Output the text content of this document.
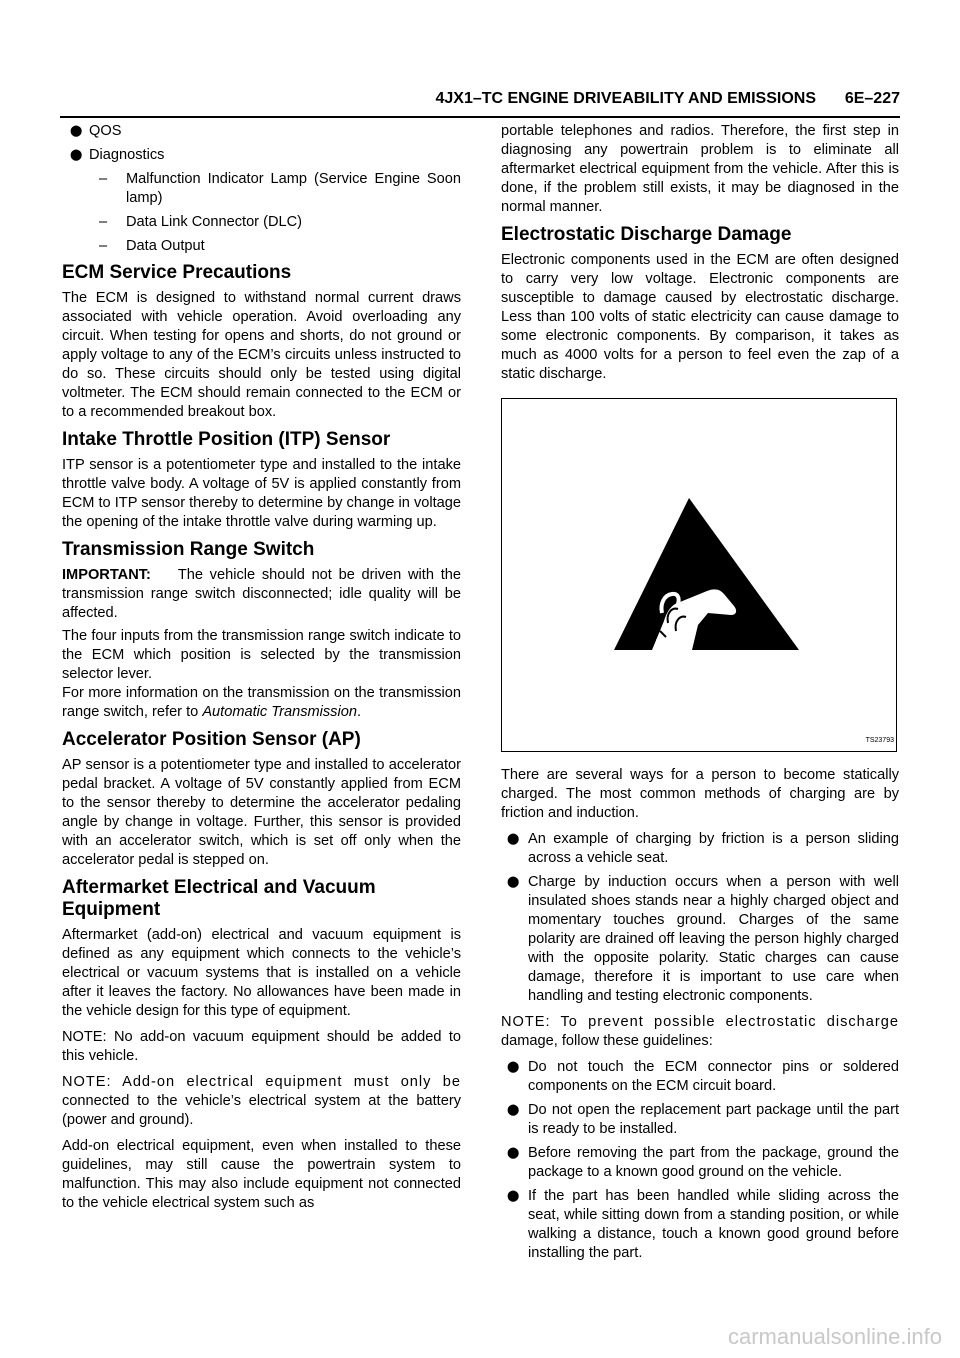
4JX1–TC ENGINE DRIVEABILITY AND EMISSIONS 6E–227
⬤ QOS
⬤ Diagnostics
– Malfunction Indicator Lamp (Service Engine Soon lamp)
– Data Link Connector (DLC)
– Data Output
ECM Service Precautions

The ECM is designed to withstand normal current draws associated with vehicle operation. Avoid overloading any circuit. When testing for opens and shorts, do not ground or apply voltage to any of the ECM’s circuits unless instructed to do so. These circuits should only be tested using digital voltmeter. The ECM should remain connected to the ECM or to a recommended breakout box.

Intake Throttle Position (ITP) Sensor

ITP sensor is a potentiometer type and installed to the intake throttle valve body. A voltage of 5V is applied constantly from ECM to ITP sensor thereby to determine by change in voltage the opening of the intake throttle valve during warming up.

Transmission Range Switch

IMPORTANT: The vehicle should not be driven with the transmission range switch disconnected; idle quality will be affected.

The four inputs from the transmission range switch indicate to the ECM which position is selected by the transmission selector lever.

For more information on the transmission on the transmission range switch, refer to Automatic Transmission.

Accelerator Position Sensor (AP)

AP sensor is a potentiometer type and installed to accelerator pedal bracket. A voltage of 5V constantly applied from ECM to the sensor thereby to determine the accelerator pedaling angle by change in voltage. Further, this sensor is provided with an accelerator switch, which is set off only when the accelerator pedal is stepped on.

Aftermarket Electrical and Vacuum Equipment

Aftermarket (add-on) electrical and vacuum equipment is defined as any equipment which connects to the vehicle’s electrical or vacuum systems that is installed on a vehicle after it leaves the factory. No allowances have been made in the vehicle design for this type of equipment.

NOTE: No add-on vacuum equipment should be added to this vehicle.

NOTE: Add-on electrical equipment must only be connected to the vehicle’s electrical system at the battery (power and ground).

Add-on electrical equipment, even when installed to these guidelines, may still cause the powertrain system to malfunction. This may also include equipment not connected to the vehicle electrical system such as

portable telephones and radios. Therefore, the first step in diagnosing any powertrain problem is to eliminate all aftermarket electrical equipment from the vehicle. After this is done, if the problem still exists, it may be diagnosed in the normal manner.

Electrostatic Discharge Damage

Electronic components used in the ECM are often designed to carry very low voltage. Electronic components are susceptible to damage caused by electrostatic discharge. Less than 100 volts of static electricity can cause damage to some electronic components. By comparison, it takes as much as 4000 volts for a person to feel even the zap of a static discharge.

TS23793

There are several ways for a person to become statically charged. The most common methods of charging are by friction and induction.

⬤ An example of charging by friction is a person sliding across a vehicle seat.
⬤ Charge by induction occurs when a person with well insulated shoes stands near a highly charged object and momentary touches ground. Charges of the same polarity are drained off leaving the person highly charged with the opposite polarity. Static charges can cause damage, therefore it is important to use care when handling and testing electronic components.

NOTE: To prevent possible electrostatic discharge damage, follow these guidelines:

⬤ Do not touch the ECM connector pins or soldered components on the ECM circuit board.
⬤ Do not open the replacement part package until the part is ready to be installed.
⬤ Before removing the part from the package, ground the package to a known good ground on the vehicle.
⬤ If the part has been handled while sliding across the seat, while sitting down from a standing position, or while walking a distance, touch a known good ground before installing the part.
carmanualsonline.info
